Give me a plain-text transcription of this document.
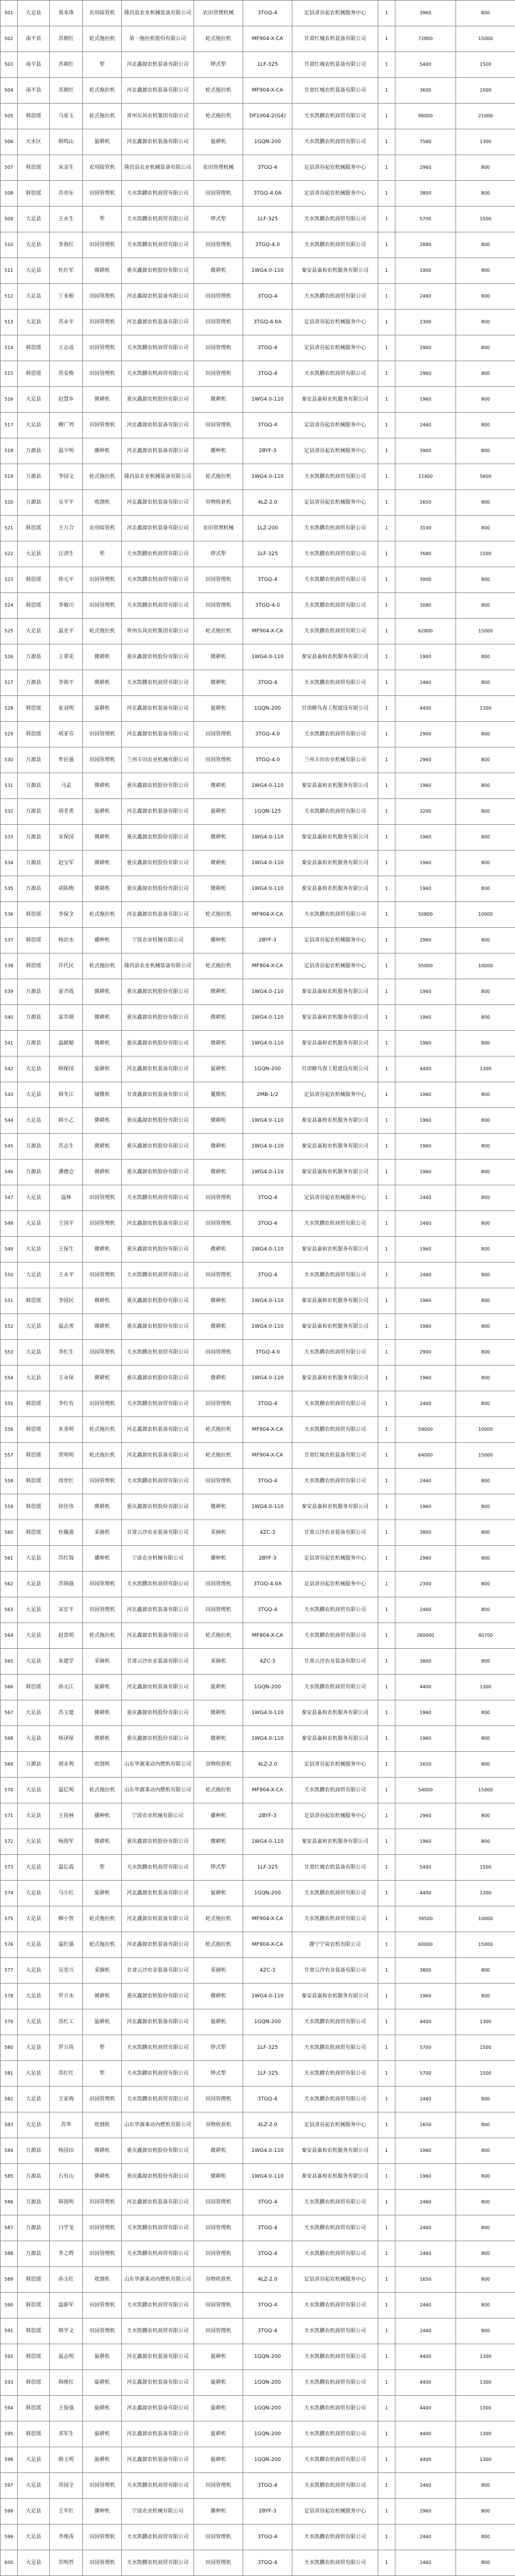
501	大足县	基本珠	农用暗管机	隆昌县农业机械装备有限公司	农田管理机械	3TGQ-4	定县清谷起农机械服务中心	1	3960	800
502	南平县	苏朝红	轮式拖拉机	第一拖拉机股份有限公司	轮式拖拉机	MF904-X-CA	甘肃红城农机装备有限公司	1	72800	15000
503	南平县	苏朝红	犁	河北鑫源农机装备有限公司	铧式犁	1LF-325	甘肃红城农机装备有限公司	1	5400	1500
504	南平县	苏朝红	轮式拖拉机	河北鑫源农机装备有限公司	轮式拖拉机	MF904-X-CA	甘肃红城农机装备有限公司	1	3600	1000
505	韩思瑶	马星玉	轮式拖拉机	常州东风农机集团有限公司	轮式拖拉机	DF1004-2(G4)	天水凯鹏农机商贸有限公司	1	98000	21000
506	天水区	韩鸣山	旋耕机	河北鑫源农机装备有限公司	旋耕机	1GQN-200	天水凯鹏农机商贸有限公司	1	7560	1300
507	韩思瑶	宋金生	农用暗管机	隆昌县农业机械装备有限公司	农田管理机械	3TGQ-4	定县清谷起农机械服务中心	1	2960	800
508	韩思瑶	苏亮东	田园管理机	天水凯鹏农机商贸有限公司	田园管理机	3TGQ-4.0A	定县清谷起农机械服务中心	1	3800	800
509	大足县	王永生	犁	天水凯鹏农机商贸有限公司	铧式犁	1LF-325	天水凯鹏农机商贸有限公司	1	5700	1500
510	大足县	李海红	田园管理机	天水凯鹏农机商贸有限公司	田园管理机	3TGQ-4.0	天水凯鹏农机商贸有限公司	1	2880	800
511	大足县	杜红军	微耕机	重庆鑫源农机股份有限公司	微耕机	1WG4.0-110	秦安县嘉和农机服务有限公司	1	1900	800
512	大足县	丁来根	田园管理机	河北鑫源农机装备有限公司	田园管理机	3TGQ-4	天水凯鹏农机商贸有限公司	1	2460	800
513	大足县	苏永平	田园管理机	河北鑫源农机装备有限公司	田园管理机	3TGQ-4.0A	定县清谷起农机械服务中心	1	2300	800
514	韩思瑶	王志成	田园管理机	天水凯鹏农机商贸有限公司	田园管理机	3TGQ-4	定县清谷起农机械服务中心	1	2900	800
515	韩思瑶	苏安俊	田园管理机	天水凯鹏农机商贸有限公司	田园管理机	3TGQ-4	天水凯鹏农机商贸有限公司	1	2960	800
516	大足县	赵慧乡	微耕机	重庆鑫源农机股份有限公司	微耕机	1WG4.0-110	秦安县嘉和农机服务有限公司	1	1960	800
517	大足县	柳广列	田园管理机	河北鑫源农机装备有限公司	田园管理机	3TGQ-4	定县清谷起农机械服务中心	1	2460	800
518	万源县	温少明	播种机	河北鑫源农机装备有限公司	播种机	2BYF-3	定县清谷起农机械服务中心	1	3900	800
519	万源县	李国文	轮式拖拉机	隆昌县农业机械装备有限公司	轮式拖拉机	1WG4.0-110	天水凯鹏农机商贸有限公司	1	22400	5600
520	万源县	吴平平	收割机	河北鑫源农机装备有限公司	谷物收获机	4LZ-2.0	定县清谷起农机械服务中心	1	1650	800
521	韩思瑶	王万合	农用暗管机	河北鑫源农机装备有限公司	农田管理机械	1LZ-200	天水凯鹏农机商贸有限公司	1	3100	800
522	大足县	汪清生	犁	天水凯鹏农机商贸有限公司	铧式犁	1LF-325	天水凯鹏农机商贸有限公司	1	7680	1500
523	韩思瑶	徐元平	田园管理机	天水凯鹏农机商贸有限公司	田园管理机	3TGQ-4	天水凯鹏农机商贸有限公司	1	3000	800
524	韩思瑶	李敏川	田园管理机	天水凯鹏农机商贸有限公司	田园管理机	3TGQ-4.0	天水凯鹏农机商贸有限公司	1	3080	800
525	大足县	温亚平	轮式拖拉机	常州东风农机集团有限公司	轮式拖拉机	MF904-X-CA	天水凯鹏农机商贸有限公司	1	62800	15000
526	万源县	王翠花	微耕机	重庆鑫源农机股份有限公司	微耕机	1WG4.0-110	秦安县嘉和农机服务有限公司	1	1900	800
527	万源县	李海平	微耕机	天水凯鹏农机商贸有限公司	微耕机	3TGQ-4	天水凯鹏农机商贸有限公司	1	2460	800
528	韩思瑶	张双明	旋耕机	河北鑫源农机装备有限公司	旋耕机	1GQN-200	甘肃蜂鸟春工程建设有限公司	1	4400	1300
529	韩思瑶	胡亚芬	田园管理机	河北鑫源农机装备有限公司	田园管理机	3TGQ-4.0	天水凯鹏农机商贸有限公司	1	2900	800
530	万源县	牟民强	田园管理机	兰州丰田农业机械有限公司	田园管理机	3TGQ-4.0	兰州丰田农业机械有限公司	1	2960	800
531	万源县	马孟	微耕机	重庆鑫源农机股份有限公司	微耕机	1WG4.0-110	秦安县嘉和农机服务有限公司	1	1960	800
532	万源县	胡老勇	旋耕机	河北鑫源农机装备有限公司	旋耕机	1GQN-125	天水凯鹏农机商贸有限公司	1	3200	800
533	万源县	宋保国	微耕机	重庆鑫源农机股份有限公司	微耕机	1WG4.0-110	秦安县嘉和农机服务有限公司	1	1960	800
534	万源县	赵宝军	微耕机	重庆鑫源农机股份有限公司	微耕机	1WG4.0-110	秦安县嘉和农机服务有限公司	1	1960	800
535	万源县	胡陈梅	微耕机	重庆鑫源农机股份有限公司	微耕机	1WG4.0-110	秦安县嘉和农机服务有限公司	1	1960	800
536	韩思瑶	李保全	轮式拖拉机	河北鑫源农机装备有限公司	轮式拖拉机	MF904-X-CA	天水凯鹏农机商贸有限公司	1	50800	10000
537	韩思瑶	杨治水	播种机	宁波农业机械有限公司	播种机	2BYF-3	定县清谷起农机械服务中心	1	2960	800
538	韩思瑶	许代民	轮式拖拉机	隆昌县农业机械装备有限公司	轮式拖拉机	MF904-X-CA	定县清谷起农机械服务中心	1	55000	10000
539	万源县	雷齐霞	微耕机	重庆鑫源农机股份有限公司	微耕机	1WG4.0-110	秦安县嘉和农机服务有限公司	1	1960	800
540	万源县	雷乔刚	微耕机	重庆鑫源农机股份有限公司	微耕机	1WG4.0-110	秦安县嘉和农机服务有限公司	1	1960	800
541	万源县	温献魁	微耕机	重庆鑫源农机股份有限公司	微耕机	1WG4.0-110	秦安县嘉和农机服务有限公司	1	1960	800
542	大足县	顾保国	旋耕机	河北鑫源农机装备有限公司	旋耕机	1GQN-200	甘肃蜂鸟春工程建设有限公司	1	4400	1300
543	大足县	韩冬江	铺膜机	甘肃鑫源农机装备有限公司	覆膜机	2MB-1/2	定县清谷起农机械服务中心	1	1960	800
544	大足县	韩小乙	微耕机	重庆鑫源农机股份有限公司	微耕机	1WG4.0-110	秦安县嘉和农机服务有限公司	1	1960	800
545	万源县	苏志生	微耕机	重庆鑫源农机股份有限公司	微耕机	1WG4.0-110	秦安县嘉和农机服务有限公司	1	1960	800
546	万源县	潘德仓	微耕机	重庆鑫源农机股份有限公司	微耕机	1WG4.0-110	秦安县嘉和农机服务有限公司	1	1960	800
547	大足县	温林	田园管理机	天水凯鹏农机商贸有限公司	田园管理机	3TGQ-4	定县清谷起农机械服务中心	1	2460	800
548	大足县	王国平	田园管理机	河北鑫源农机装备有限公司	田园管理机	3TGQ-4	天水凯鹏农机商贸有限公司	1	2460	800
549	大足县	王保生	微耕机	重庆鑫源农机股份有限公司	微耕机	1WG4.0-110	秦安县嘉和农机服务有限公司	1	1960	800
550	大足县	王永平	田园管理机	天水凯鹏农机商贸有限公司	田园管理机	3TGQ-4	天水凯鹏农机商贸有限公司	1	2460	800
551	韩思瑶	李园民	微耕机	重庆鑫源农机股份有限公司	微耕机	1WG4.0-110	秦安县嘉和农机服务有限公司	1	1960	800
552	大足县	温志勇	微耕机	重庆鑫源农机股份有限公司	微耕机	1WG4.0-110	秦安县嘉和农机服务有限公司	1	1960	800
553	大足县	李红生	田园管理机	天水凯鹏农机商贸有限公司	田园管理机	3TGQ-4.0	天水凯鹏农机商贸有限公司	1	2900	800
554	大足县	王永保	微耕机	重庆鑫源农机股份有限公司	微耕机	1WG4.0-110	秦安县嘉和农机服务有限公司	1	1960	800
555	韩思瑶	李红有	田园管理机	天水凯鹏农机商贸有限公司	田园管理机	3TGQ-4	天水凯鹏农机商贸有限公司	1	2460	800
556	韩思瑶	朱香明	轮式拖拉机	河北鑫源农机装备有限公司	轮式拖拉机	MF904-X-CA	天水凯鹏农机商贸有限公司	1	59000	10000
557	韩思瑶	贾明明	轮式拖拉机	河北鑫源农机装备有限公司	轮式拖拉机	MF904-X-CA	甘肃红城农机装备有限公司	1	64000	15000
558	韩思瑶	周世红	田园管理机	天水凯鹏农机商贸有限公司	田园管理机	3TGQ-4	天水凯鹏农机商贸有限公司	1	2460	800
559	韩思瑶	徐佳伟	微耕机	重庆鑫源农机股份有限公司	微耕机	1WG4.0-110	秦安县嘉和农机服务有限公司	1	1960	800
560	韩思瑶	杜佩强	采摘机	甘肃云沙农业装备有限公司	采摘机	4ZC-3	甘肃云沙农业装备有限公司	1	3800	800
561	大足县	苏红瑞	播种机	宁波农业机械有限公司	播种机	2BYF-3	定县清谷起农机械服务中心	1	2960	800
562	大足县	苏锦强	田园管理机	天水凯鹏农机商贸有限公司	田园管理机	3TGQ-4.0A	定县清谷起农机械服务中心	1	2300	800
563	大足县	宋宏平	田园管理机	河北鑫源农机装备有限公司	田园管理机	3TGQ-4	天水凯鹏农机商贸有限公司	1	2460	800
564	大足县	赵景明	轮式拖拉机	河北鑫源农机装备有限公司	轮式拖拉机	MF904-X-CA	天水凯鹏农机商贸有限公司	1	260000	40700
565	大足县	朱建学	采摘机	甘肃云沙农业装备有限公司	采摘机	4ZC-3	甘肃云沙农业装备有限公司	1	3800	800
566	韩思瑶	孙元江	旋耕机	河北鑫源农机装备有限公司	旋耕机	1GQN-200	天水凯鹏农机商贸有限公司	1	4400	1300
567	大足县	苏玉建	微耕机	重庆鑫源农机股份有限公司	微耕机	1WG4.0-110	秦安县嘉和农机服务有限公司	1	1960	800
568	大足县	杨译保	微耕机	重庆鑫源农机股份有限公司	微耕机	1WG4.0-110	秦安县嘉和农机服务有限公司	1	1960	800
569	万源县	胡永利	收割机	山东华源莱动内燃机有限公司	谷物收获机	4LZ-2.0	定县清谷起农机械服务中心	1	1650	800
570	大足县	温亿明	轮式拖拉机	山东华源莱动内燃机有限公司	轮式拖拉机	MF904-X-CA	天水凯鹏农机商贸有限公司	1	54000	15000
571	大足县	王尚林	播种机	宁波农业机械有限公司	播种机	2BYF-3	定县清谷起农机械服务中心	1	2960	800
572	大足县	杨海军	微耕机	重庆鑫源农机股份有限公司	微耕机	1WG4.0-110	秦安县嘉和农机服务有限公司	1	1960	800
573	大足县	温亿霞	犁	天水凯鹏农机商贸有限公司	铧式犁	1LF-325	甘肃红城农机装备有限公司	1	5400	1500
574	大足县	马小红	旋耕机	河北鑫源农机装备有限公司	旋耕机	1GQN-200	天水凯鹏农机商贸有限公司	1	4400	1300
575	大足县	柳小智	轮式拖拉机	河北鑫源农机装备有限公司	轮式拖拉机	MF904-X-CA	天水凯鹏农机商贸有限公司	1	39500	10000
576	大足县	温红强	轮式拖拉机	河北鑫源农机装备有限公司	轮式拖拉机	MF904-X-CA	静宁宁寅农机有限公司	1	60000	15000
577	大足县	吴奕兴	采摘机	甘肃云沙农业装备有限公司	采摘机	4ZC-3	甘肃云沙农业装备有限公司	1	3800	800
578	大足县	罗万水	微耕机	重庆鑫源农机股份有限公司	微耕机	1WG4.0-110	秦安县嘉和农机服务有限公司	1	1960	800
579	大足县	苏红工	旋耕机	河北鑫源农机装备有限公司	旋耕机	1GQN-200	天水凯鹏农机商贸有限公司	1	4400	1300
580	大足县	罗万尚	犁	天水凯鹏农机商贸有限公司	铧式犁	1LF-325	天水凯鹏农机商贸有限公司	1	5700	1500
581	大足县	苏红红	犁	天水凯鹏农机商贸有限公司	铧式犁	1LF-325	天水凯鹏农机商贸有限公司	1	5700	1500
582	大足县	王家驹	田园管理机	天水凯鹏农机商贸有限公司	田园管理机	3TGQ-4	天水凯鹏农机商贸有限公司	1	2460	800
583	大足县	苏华	收割机	山东华源莱动内燃机有限公司	谷物收获机	4LZ-2.0	定县清谷起农机械服务中心	1	1650	800
584	万源县	杨国田	微耕机	重庆鑫源农机股份有限公司	微耕机	1WG4.0-110	秦安县嘉和农机服务有限公司	1	1960	800
585	万源县	石有山	微耕机	重庆鑫源农机股份有限公司	微耕机	1WG4.0-110	秦安县嘉和农机服务有限公司	1	1960	800
586	万源县	韩海明	田园管理机	河北鑫源农机装备有限公司	田园管理机	3TGQ-4	天水凯鹏农机商贸有限公司	1	2460	800
587	万源县	白学龙	田园管理机	天水凯鹏农机商贸有限公司	田园管理机	3TGQ-4	天水凯鹏农机商贸有限公司	1	2460	800
588	万源县	李之辉	田园管理机	天水凯鹏农机商贸有限公司	田园管理机	3TGQ-4	天水凯鹏农机商贸有限公司	1	2460	800
589	韩思瑶	孙玉红	收割机	山东华源莱动内燃机有限公司	谷物收获机	4LZ-2.0	定县清谷起农机械服务中心	1	1650	800
590	韩思瑶	温新军	田园管理机	天水凯鹏农机商贸有限公司	田园管理机	3TGQ-4	天水凯鹏农机商贸有限公司	1	2460	800
591	韩思瑶	韩学文	田园管理机	天水凯鹏农机商贸有限公司	田园管理机	3TGQ-4	天水凯鹏农机商贸有限公司	1	2460	800
592	韩思瑶	温志明	旋耕机	河北鑫源农机装备有限公司	旋耕机	1GQN-200	天水凯鹏农机商贸有限公司	1	4400	1300
593	韩思瑶	韩维红	旋耕机	河北鑫源农机装备有限公司	旋耕机	1GQN-200	天水凯鹏农机商贸有限公司	1	4400	1300
594	韩思瑶	王保强	旋耕机	河北鑫源农机装备有限公司	旋耕机	1GQN-200	天水凯鹏农机商贸有限公司	1	4400	1300
595	韩思瑶	邓军生	旋耕机	河北鑫源农机装备有限公司	旋耕机	1GQN-200	天水凯鹏农机商贸有限公司	1	4400	1300
596	大足县	韩玉明	旋耕机	河北鑫源农机装备有限公司	旋耕机	1GQN-200	天水凯鹏农机商贸有限公司	1	4400	1300
597	大足县	苏国全	田园管理机	天水凯鹏农机商贸有限公司	田园管理机	3TGQ-4	天水凯鹏农机商贸有限公司	1	2460	800
598	大足县	王军红	播种机	宁波农业机械有限公司	播种机	2BYF-3	定县清谷起农机械服务中心	1	2960	800
599	大足县	李维涛	田园管理机	天水凯鹏农机商贸有限公司	田园管理机	3TGQ-4	天水凯鹏农机商贸有限公司	1	2460	800
600	大足县	苏明哲	田园管理机	天水凯鹏农机商贸有限公司	田园管理机	3TGQ-4	天水凯鹏农机商贸有限公司	1	2460	800
